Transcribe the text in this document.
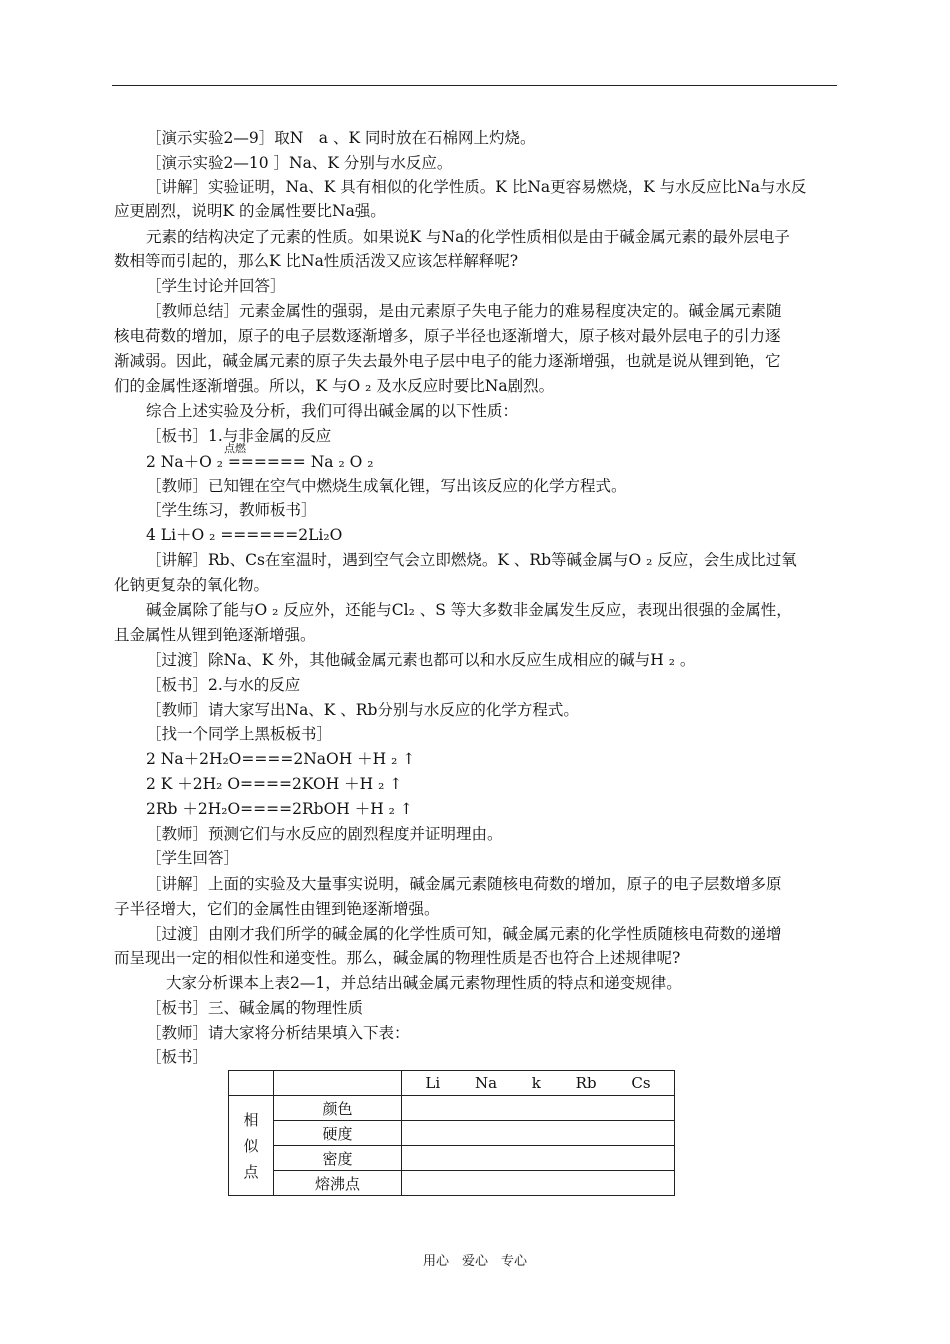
［演示实验2—9］取N　a 、K 同时放在石棉网上灼烧。
［演示实验2—10 ］Na、K 分别与水反应。
［讲解］实验证明，Na、K 具有相似的化学性质。K 比Na更容易燃烧，K 与水反应比Na与水反
应更剧烈，说明K 的金属性要比Na强。
元素的结构决定了元素的性质。如果说K 与Na的化学性质相似是由于碱金属元素的最外层电子
数相等而引起的，那么K 比Na性质活泼又应该怎样解释呢?
［学生讨论并回答］
［教师总结］元素金属性的强弱，是由元素原子失电子能力的难易程度决定的。碱金属元素随
核电荷数的增加，原子的电子层数逐渐增多，原子半径也逐渐增大，原子核对最外层电子的引力逐
渐减弱。因此，碱金属元素的原子失去最外电子层中电子的能力逐渐增强，也就是说从锂到铯，它
们的金属性逐渐增强。所以，K 与O ₂ 及水反应时要比Na剧烈。
综合上述实验及分析，我们可得出碱金属的以下性质：
［板书］1.与非金属的反应
点燃
2 Na＋O ₂ ====== Na ₂ O ₂
［教师］已知锂在空气中燃烧生成氧化锂，写出该反应的化学方程式。
［学生练习，教师板书］
4 Li＋O ₂ ======2Li₂O
［讲解］Rb、Cs在室温时，遇到空气会立即燃烧。K 、Rb等碱金属与O ₂ 反应，会生成比过氧
化钠更复杂的氧化物。
碱金属除了能与O ₂ 反应外，还能与Cl₂ 、S 等大多数非金属发生反应，表现出很强的金属性，
且金属性从锂到铯逐渐增强。
［过渡］除Na、K 外，其他碱金属元素也都可以和水反应生成相应的碱与H ₂ 。
［板书］2.与水的反应
［教师］请大家写出Na、K 、Rb分别与水反应的化学方程式。
［找一个同学上黑板板书］
2 Na＋2H₂O====2NaOH ＋H ₂ ↑
2 K ＋2H₂ O====2KOH ＋H ₂ ↑
2Rb ＋2H₂O====2RbOH ＋H ₂ ↑
［教师］预测它们与水反应的剧烈程度并证明理由。
［学生回答］
［讲解］上面的实验及大量事实说明，碱金属元素随核电荷数的增加，原子的电子层数增多原
子半径增大，它们的金属性由锂到铯逐渐增强。
［过渡］由刚才我们所学的碱金属的化学性质可知，碱金属元素的化学性质随核电荷数的递增
而呈现出一定的相似性和递变性。那么，碱金属的物理性质是否也符合上述规律呢?
大家分析课本上表2—1，并总结出碱金属元素物理性质的特点和递变规律。
［板书］三、碱金属的物理性质
［教师］请大家将分析结果填入下表：
［板书］

		Li Na k Rb Cs

相
似
点	颜色	
	硬度	
	密度	
	熔沸点	
用心　爱心　专心
